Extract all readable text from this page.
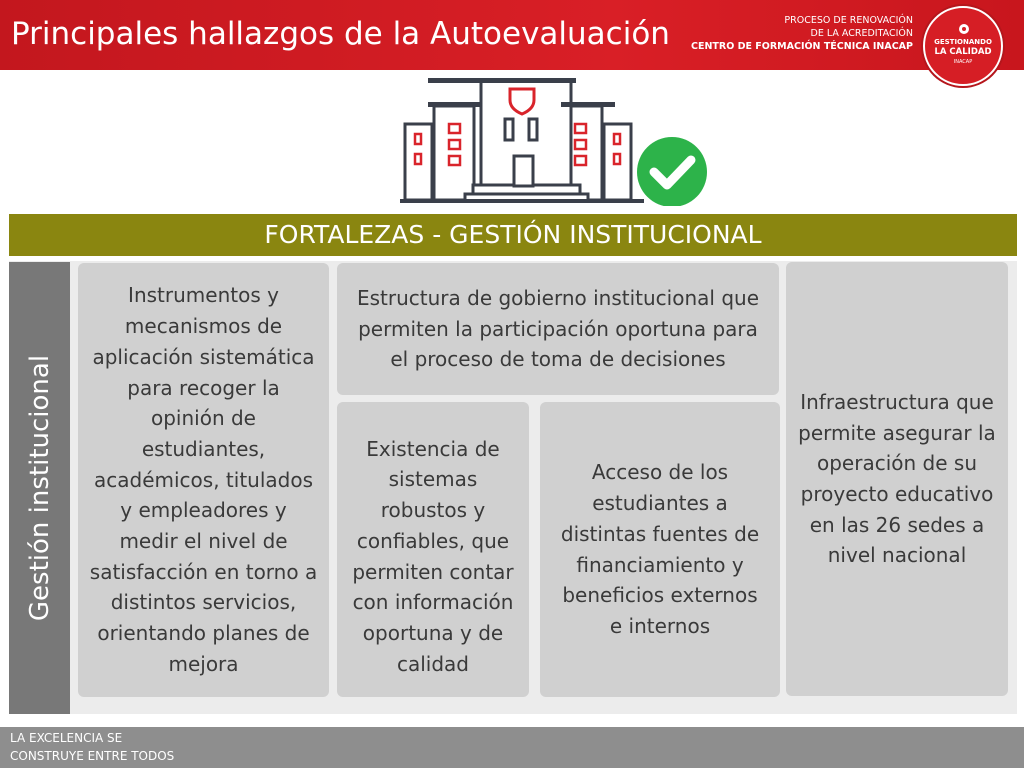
Principales hallazgos de la Autoevaluación	PROCESO DE RENOVACIÓN
DE LA ACREDITACIÓN
CENTRO DE FORMACIÓN TÉCNICA INACAP	GESTIONANDO
LA CALIDAD
INACAP
FORTALEZAS - GESTIÓN INSTITUCIONAL
Gestión institucional
Instrumentos y mecanismos de aplicación sistemática para recoger la opinión de estudiantes, académicos, titulados y empleadores y medir el nivel de satisfacción en torno a distintos servicios, orientando planes de mejora
Estructura de gobierno institucional que permiten la participación oportuna para el proceso de toma de decisiones
Existencia de sistemas robustos y confiables, que permiten contar con información oportuna y de calidad
Acceso de los estudiantes a distintas fuentes de financiamiento y beneficios externos e internos
Infraestructura que permite asegurar la operación de su proyecto educativo en las 26 sedes a nivel nacional
LA EXCELENCIA SE
CONSTRUYE ENTRE TODOS
